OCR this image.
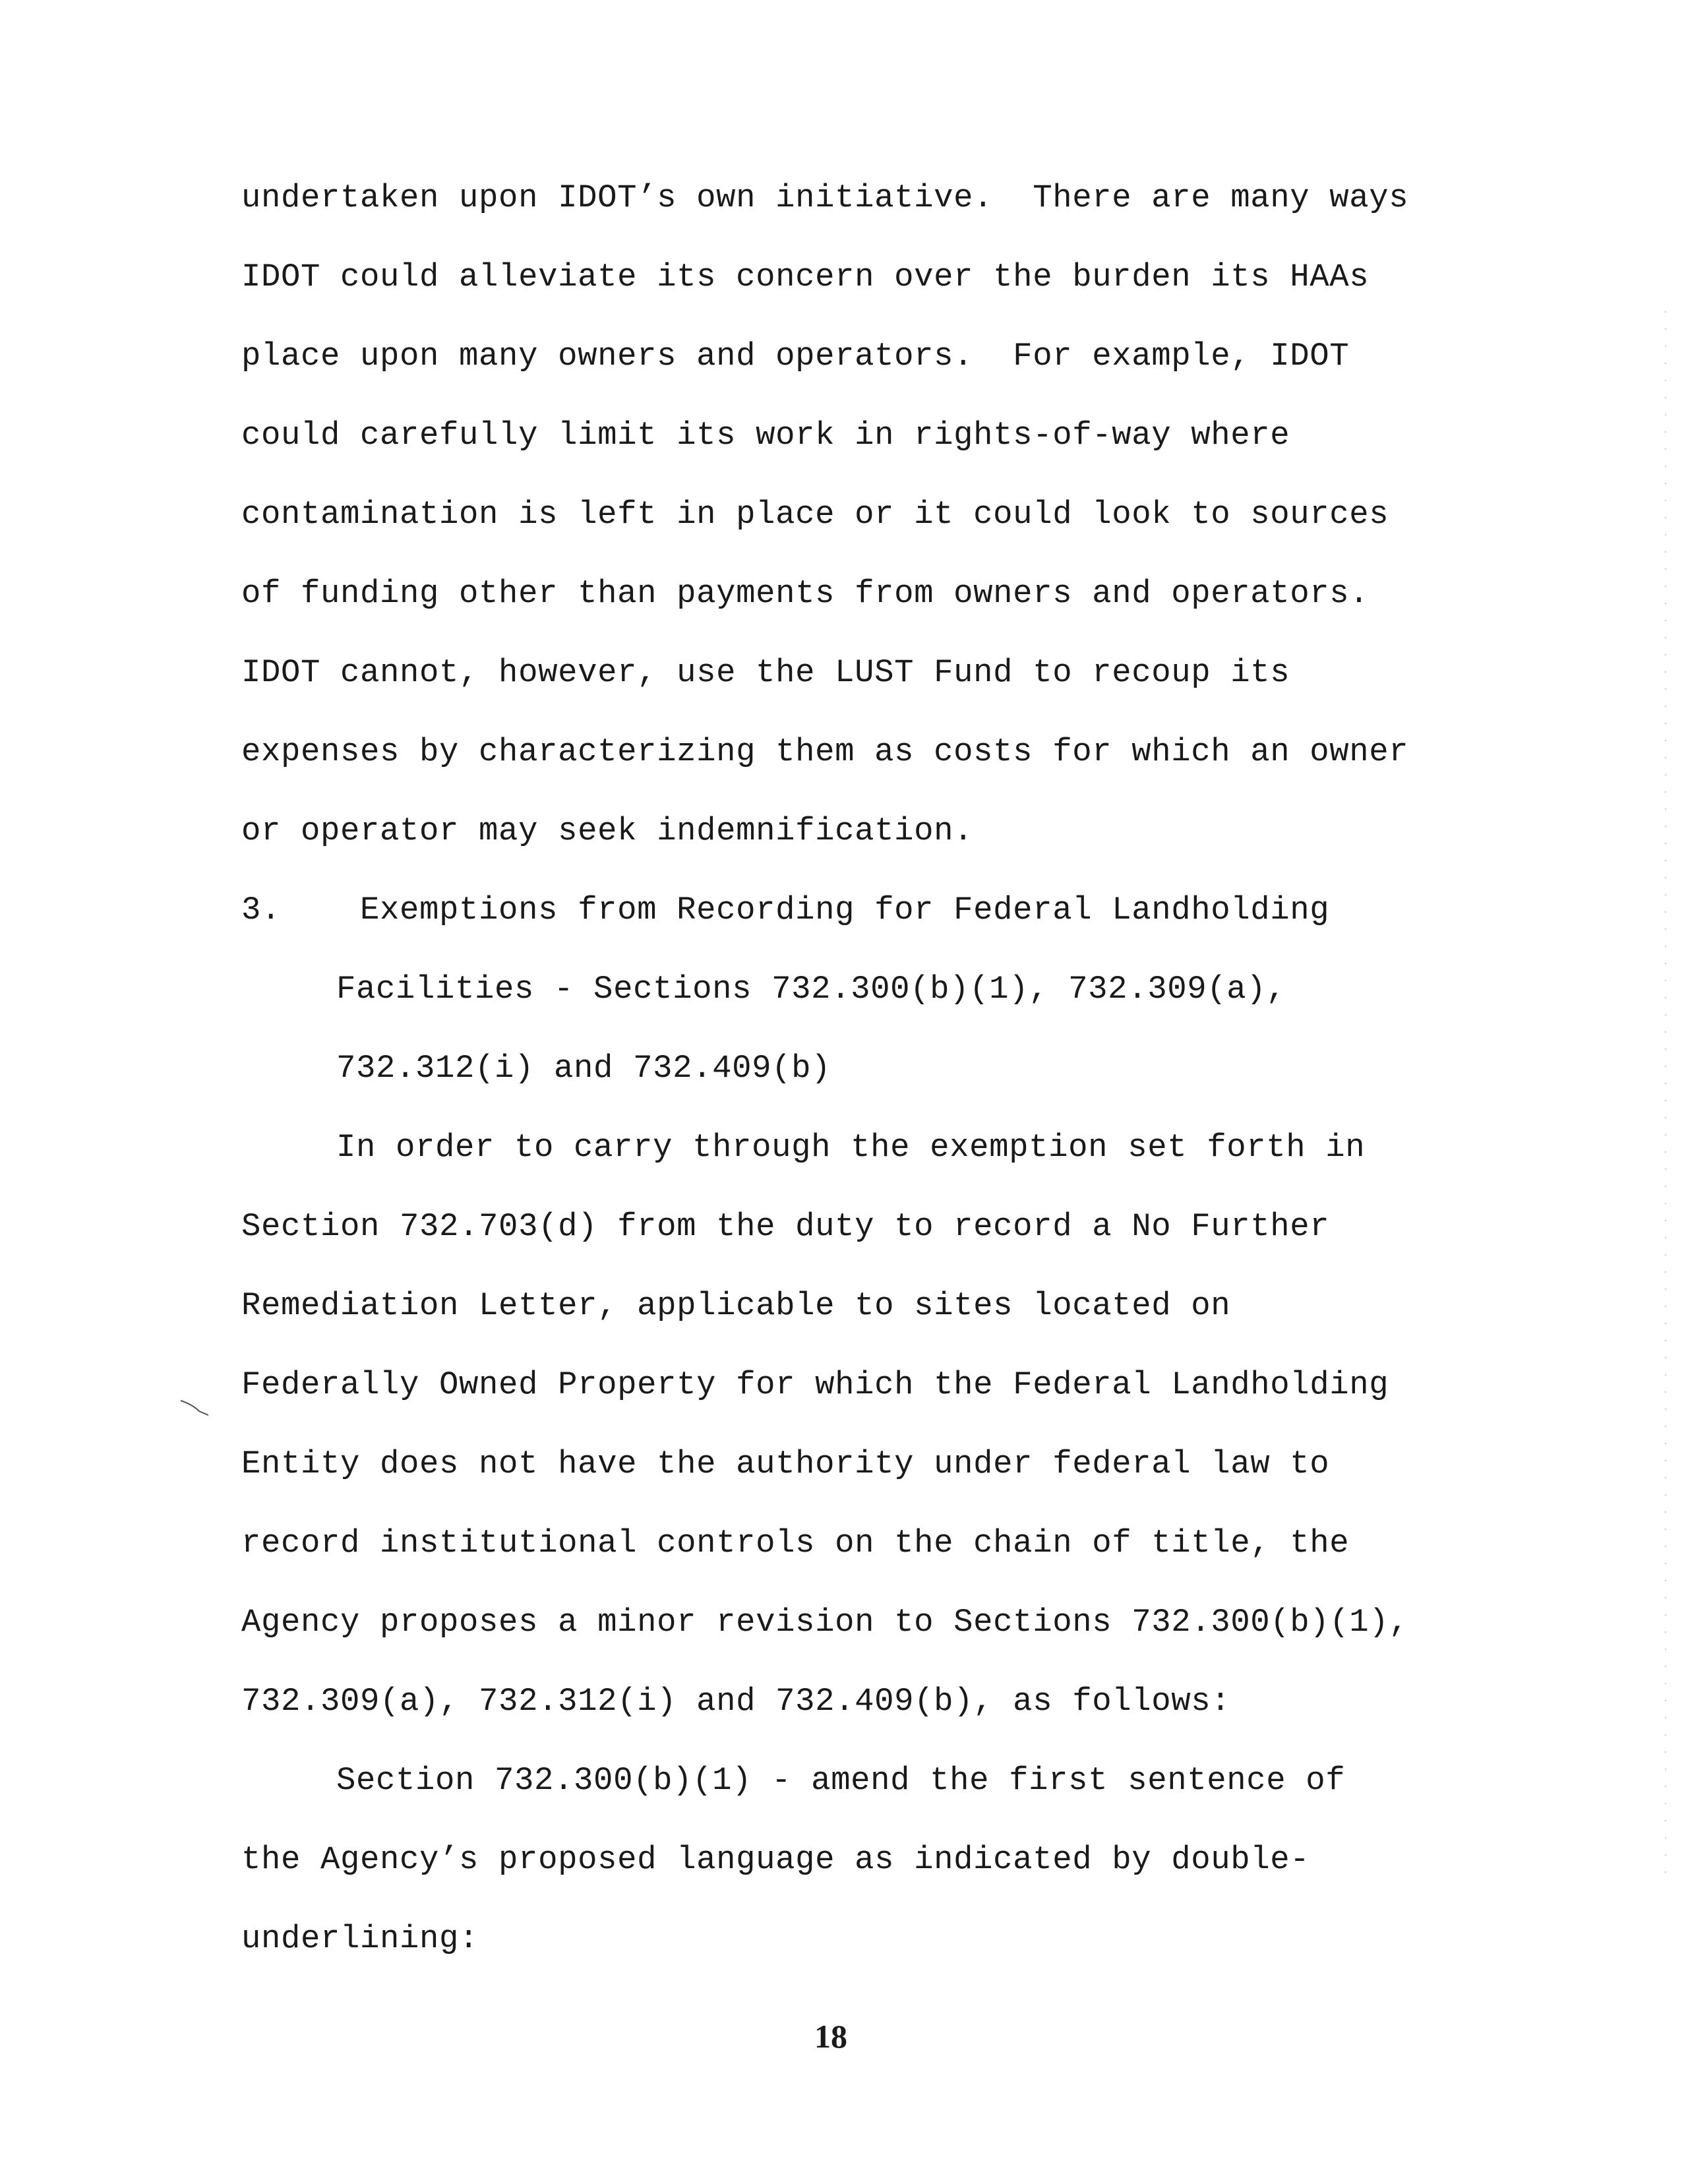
undertaken upon IDOT’s own initiative.  There are many ways
IDOT could alleviate its concern over the burden its HAAs
place upon many owners and operators.  For example, IDOT
could carefully limit its work in rights-of-way where
contamination is left in place or it could look to sources
of funding other than payments from owners and operators.
IDOT cannot, however, use the LUST Fund to recoup its
expenses by characterizing them as costs for which an owner
or operator may seek indemnification.
3.    Exemptions from Recording for Federal Landholding
Facilities - Sections 732.300(b)(1), 732.309(a),
732.312(i) and 732.409(b)
In order to carry through the exemption set forth in
Section 732.703(d) from the duty to record a No Further
Remediation Letter, applicable to sites located on
Federally Owned Property for which the Federal Landholding
Entity does not have the authority under federal law to
record institutional controls on the chain of title, the
Agency proposes a minor revision to Sections 732.300(b)(1),
732.309(a), 732.312(i) and 732.409(b), as follows:
Section 732.300(b)(1) - amend the first sentence of
the Agency’s proposed language as indicated by double-
underlining:
18
